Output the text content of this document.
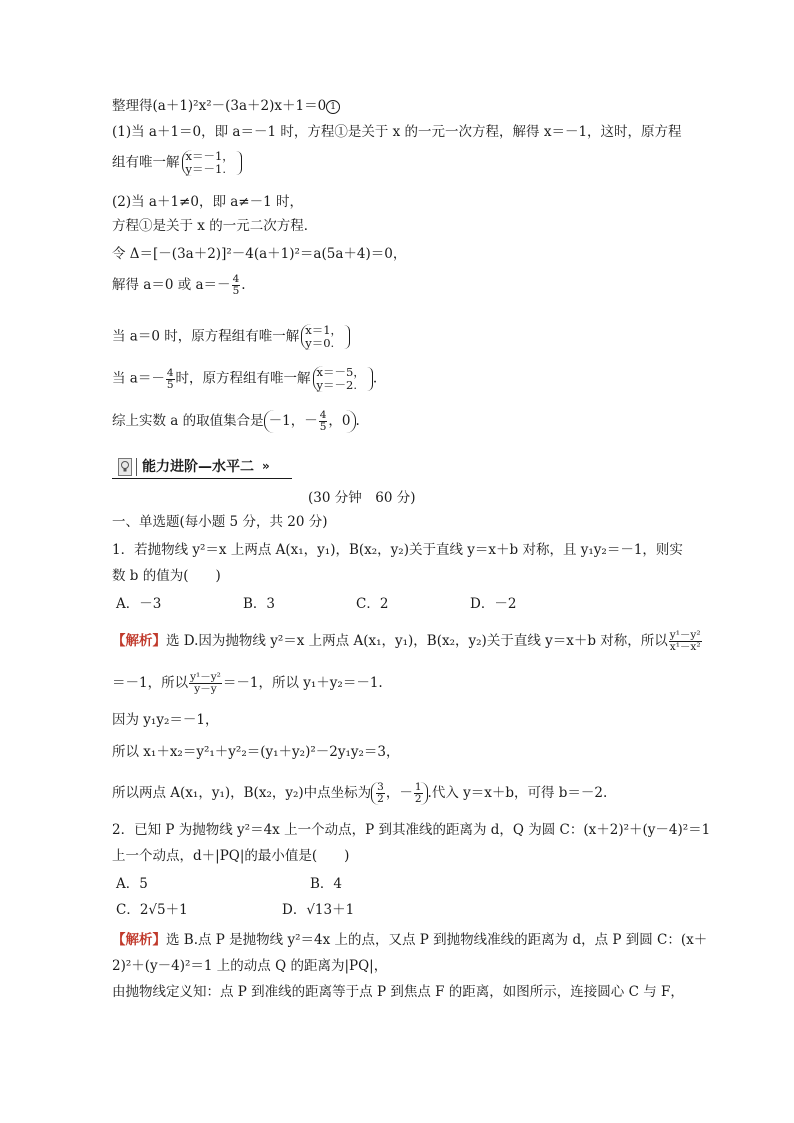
整理得(a＋1)²x²－(3a＋2)x＋1＝0 1
(1)当 a＋1＝0，即 a＝－1 时，方程①是关于 x 的一元一次方程，解得 x＝－1，这时，原方程
组有唯一解 x＝－1，
y＝－1.
(2)当 a＋1≠0，即 a≠－1 时，
方程①是关于 x 的一元二次方程．
令 Δ＝[－(3a＋2)]²－4(a＋1)²＝a(5a＋4)＝0，
解得 a＝0 或 $a=- \frac{4}{5}$ .
当 a＝0 时，原方程组有唯一解 x＝1，
y＝0.
当 $a=- \frac{4}{5}$ 时，原方程组有唯一解 x＝－5，
y＝－2.	.
综上实数 a 的取值集合是 －1，－ $\frac{4}{5}$ ，0 .
能力进阶—水平二 »
(30 分钟　60 分)
一、单选题(每小题 5 分，共 20 分)
1．若抛物线 y²＝x 上两点 A(x₁，y₁)，B(x₂，y₂)关于直线 y＝x＋b 对称，且 y₁y₂＝－1，则实
数 b 的值为(　　)
A．－3	B．3	C．2	D．－2
【解析】选 D.因为抛物线 y²＝x 上两点 A(x₁，y₁)，B(x₂，y₂)关于直线 y＝x＋b 对称，所以 $\frac{\text{y¹－y²}}{\text{x¹－x²}}$
＝－1，所以 $\frac{\text{y¹－y²}}{y-y} =-1$，所以 y₁＋y₂＝－1.
因为 y₁y₂＝－1，
所以 x₁＋x₂＝y²₁＋y²₂＝(y₁＋y₂)²－2y₁y₂＝3，
所以两点 A(x₁，y₁)，B(x₂，y₂)中点坐标为 $\frac{3}{2}$ ，－ $\frac{1}{2}$ .代入 y＝x＋b，可得 b＝－2.
2．已知 P 为抛物线 y²＝4x 上一个动点，P 到其准线的距离为 d，Q 为圆 C：(x＋2)²＋(y－4)²＝1
上一个动点，d＋|PQ|的最小值是(　　)
A．5	B．4
C．2√5＋1	D．√13＋1
【解析】选 B.点 P 是抛物线 y²＝4x 上的点，又点 P 到抛物线准线的距离为 d，点 P 到圆 C：(x＋
2)²＋(y－4)²＝1 上的动点 Q 的距离为|PQ|，
由抛物线定义知：点 P 到准线的距离等于点 P 到焦点 F 的距离，如图所示，连接圆心 C 与 F，
